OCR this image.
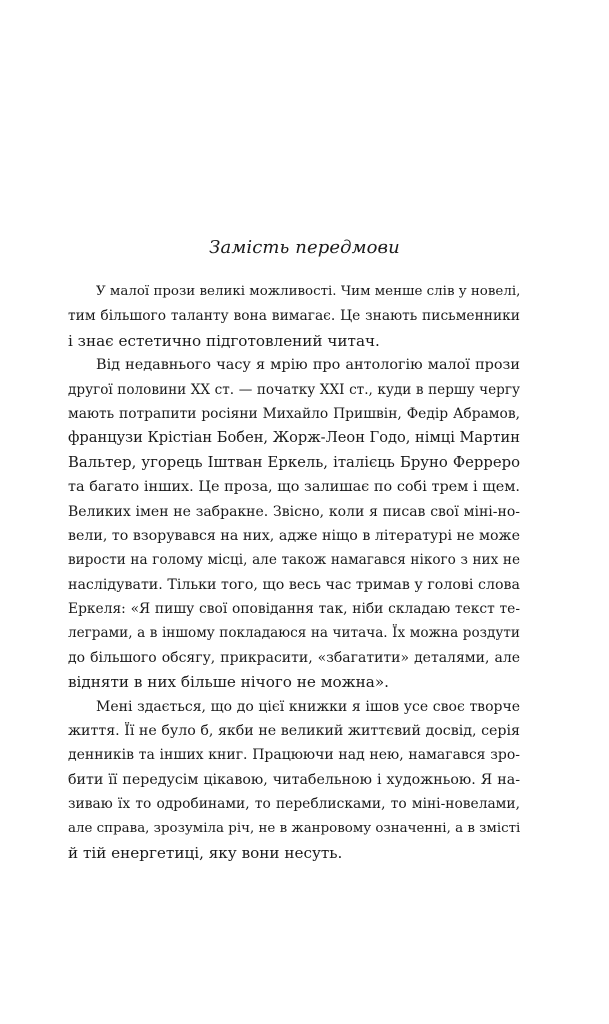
Замість передмови
У малої прози великі можливості. Чим менше слів у новелі,
тим більшого таланту вона вимагає. Це знають письменники
і знає естетично підготовлений читач.
Від недавнього часу я мрію про антологію малої прози
другої половини XX ст. — початку XXI ст., куди в першу чергу
мають потрапити росіяни Михайло Пришвін, Федір Абрамов,
французи Крістіан Бобен, Жорж-Леон Годо, німці Мартин
Вальтер, угорець Іштван Еркель, італієць Бруно Ферреро
та багато інших. Це проза, що залишає по собі трем і щем.
Великих імен не забракне. Звісно, коли я писав свої міні-но-
вели, то взорувався на них, адже ніщо в літературі не може
вирости на голому місці, але також намагався нікого з них не
наслідувати. Тільки того, що весь час тримав у голові слова
Еркеля: «Я пишу свої оповідання так, ніби складаю текст те-
леграми, а в іншому покладаюся на читача. Їх можна роздути
до більшого обсягу, прикрасити, «збагатити» деталями, але
відняти в них більше нічого не можна».
Мені здається, що до цієї книжки я ішов усе своє творче
життя. Її не було б, якби не великий життєвий досвід, серія
денників та інших книг. Працюючи над нею, намагався зро-
бити її передусім цікавою, читабельною і художньою. Я на-
зиваю їх то одробинами, то переблисками, то міні-новелами,
але справа, зрозуміла річ, не в жанровому означенні, а в змісті
й тій енергетиці, яку вони несуть.
